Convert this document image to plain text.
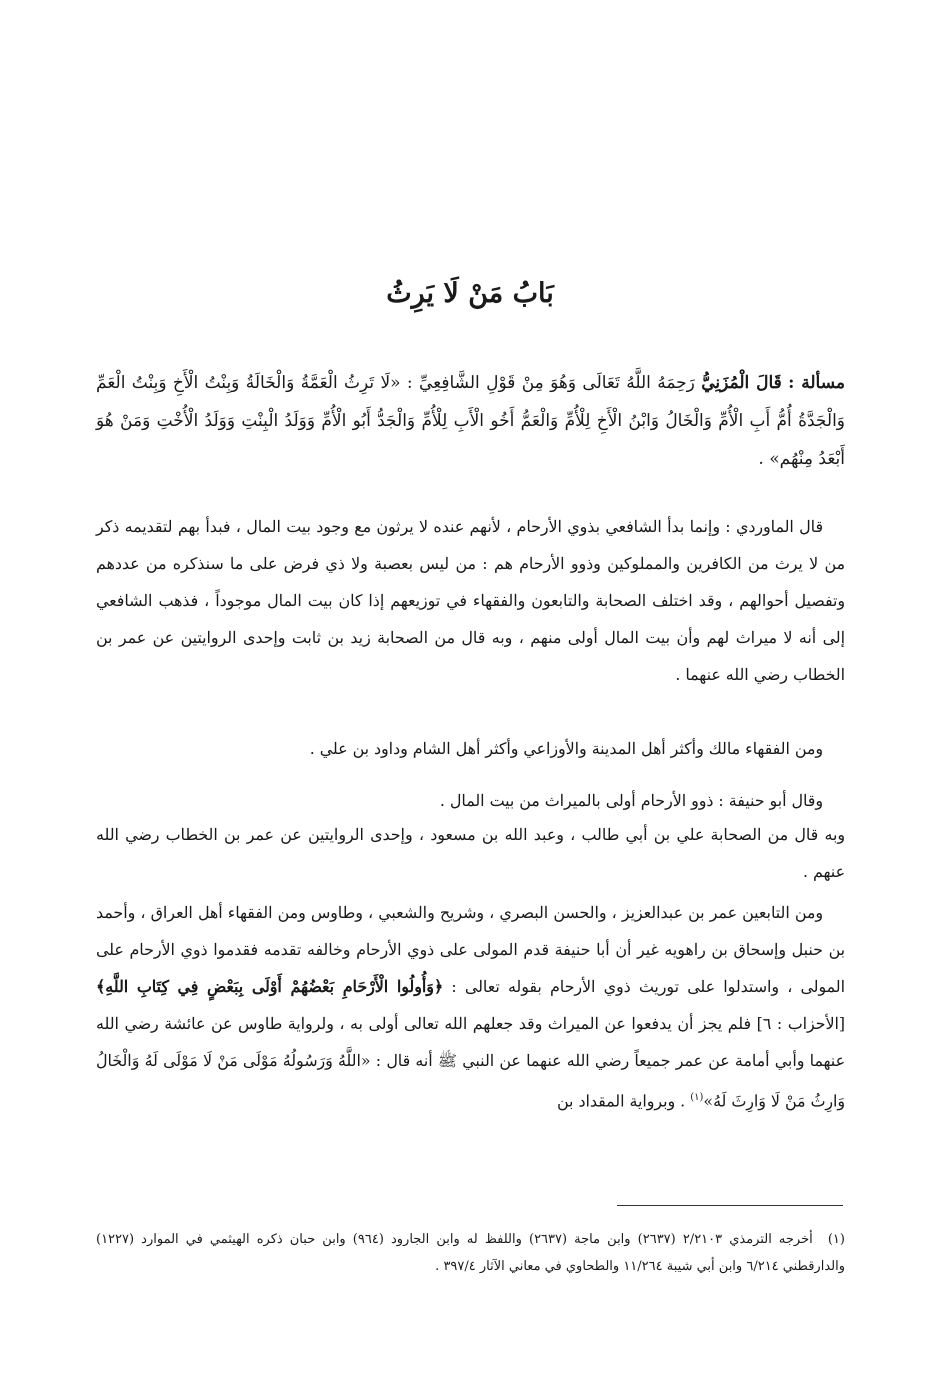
بَابُ مَنْ لَا يَرِثُ
مسألة : قَالَ الْمُزَنِيُّ رَحِمَهُ اللَّهُ تَعَالَى وَهُوَ مِنْ قَوْلِ الشَّافِعِيِّ : «لَا تَرِثُ الْعَمَّةُ وَالْخَالَةُ وَبِنْتُ الْأَخِ وَبِنْتُ الْعَمِّ وَالْجَدَّةُ أُمُّ أَبِ الْأُمِّ وَالْخَالُ وَابْنُ الْأَخِ لِلْأُمِّ وَالْعَمُّ أَخُو الْأَبِ لِلْأُمِّ وَالْجَدُّ أَبُو الْأُمِّ وَوَلَدُ الْبِنْتِ وَوَلَدُ الْأُخْتِ وَمَنْ هُوَ أَبْعَدُ مِنْهُم» .

قال الماوردي : وإنما بدأ الشافعي بذوي الأرحام ، لأنهم عنده لا يرثون مع وجود بيت المال ، فبدأ بهم لتقديمه ذكر من لا يرث من الكافرين والمملوكين وذوو الأرحام هم : من ليس بعصبة ولا ذي فرض على ما سنذكره من عددهم وتفصيل أحوالهم ، وقد اختلف الصحابة والتابعون والفقهاء في توزيعهم إذا كان بيت المال موجوداً ، فذهب الشافعي إلى أنه لا ميراث لهم وأن بيت المال أولى منهم ، وبه قال من الصحابة زيد بن ثابت وإحدى الروايتين عن عمر بن الخطاب رضي الله عنهما .

ومن الفقهاء مالك وأكثر أهل المدينة والأوزاعي وأكثر أهل الشام وداود بن علي .

وقال أبو حنيفة : ذوو الأرحام أولى بالميراث من بيت المال .

وبه قال من الصحابة علي بن أبي طالب ، وعبد الله بن مسعود ، وإحدى الروايتين عن عمر بن الخطاب رضي الله عنهم .

ومن التابعين عمر بن عبدالعزيز ، والحسن البصري ، وشريح والشعبي ، وطاوس ومن الفقهاء أهل العراق ، وأحمد بن حنبل وإسحاق بن راهويه غير أن أبا حنيفة قدم المولى على ذوي الأرحام وخالفه تقدمه فقدموا ذوي الأرحام على المولى ، واستدلوا على توريث ذوي الأرحام بقوله تعالى : ﴿وَأُولُوا الْأَرْحَامِ بَعْضُهُمْ أَوْلَى بِبَعْضٍ فِي كِتَابِ اللَّهِ﴾ [الأحزاب : ٦] فلم يجز أن يدفعوا عن الميراث وقد جعلهم الله تعالى أولى به ، ولرواية طاوس عن عائشة رضي الله عنهما وأبي أمامة عن عمر جميعاً رضي الله عنهما عن النبي ﷺ أنه قال : «اللَّهُ وَرَسُولُهُ مَوْلَى مَنْ لَا مَوْلَى لَهُ وَالْخَالُ وَارِثُ مَنْ لَا وَارِثَ لَهُ»$^{(١)}$ . وبرواية المقداد بن

(١) أخرجه الترمذي ٢/٢١٠٣ (٢٦٣٧) وابن ماجة (٢٦٣٧) واللفظ له وابن الجارود (٩٦٤) وابن حبان ذكره الهيثمي في الموارد (١٢٢٧) والدارقطني ٦/٢١٤ وابن أبي شيبة ١١/٢٦٤ والطحاوي في معاني الآثار ٣٩٧/٤ .
